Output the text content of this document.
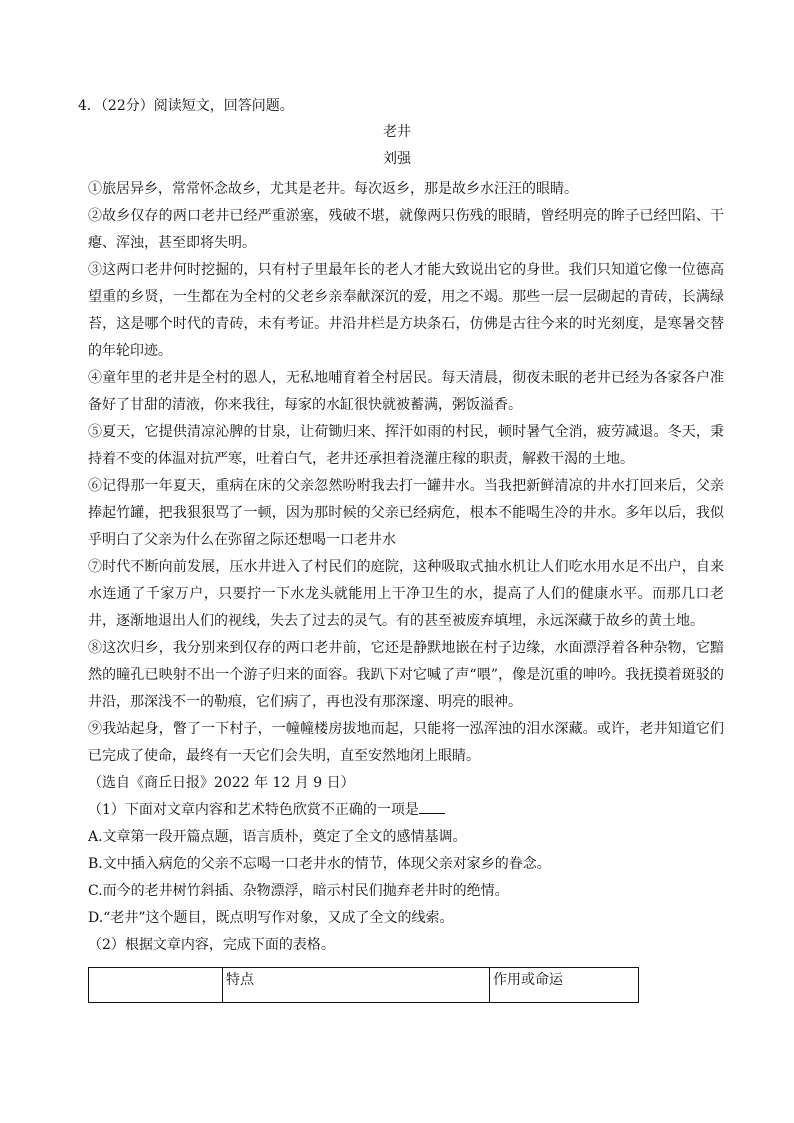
4．（22分）阅读短文，回答问题。
老井
刘强

①旅居异乡，常常怀念故乡，尤其是老井。每次返乡，那是故乡水汪汪的眼睛。

②故乡仅存的两口老井已经严重淤塞，残破不堪，就像两只伤残的眼睛，曾经明亮的眸子已经凹陷、干瘪、浑浊，甚至即将失明。

③这两口老井何时挖掘的，只有村子里最年长的老人才能大致说出它的身世。我们只知道它像一位德高望重的乡贤，一生都在为全村的父老乡亲奉献深沉的爱，用之不竭。那些一层一层砌起的青砖，长满绿苔，这是哪个时代的青砖，未有考证。井沿井栏是方块条石，仿佛是古往今来的时光刻度，是寒暑交替的年轮印迹。

④童年里的老井是全村的恩人，无私地哺育着全村居民。每天清晨，彻夜未眠的老井已经为各家各户准备好了甘甜的清液，你来我往，每家的水缸很快就被蓄满，粥饭溢香。

⑤夏天，它提供清凉沁脾的甘泉，让荷锄归来、挥汗如雨的村民，顿时暑气全消，疲劳减退。冬天，秉持着不变的体温对抗严寒，吐着白气，老井还承担着浇灌庄稼的职责，解救干渴的土地。

⑥记得那一年夏天，重病在床的父亲忽然吩咐我去打一罐井水。当我把新鲜清凉的井水打回来后，父亲捧起竹罐，把我狠狠骂了一顿，因为那时候的父亲已经病危，根本不能喝生冷的井水。多年以后，我似乎明白了父亲为什么在弥留之际还想喝一口老井水

⑦时代不断向前发展，压水井进入了村民们的庭院，这种吸取式抽水机让人们吃水用水足不出户，自来水连通了千家万户，只要拧一下水龙头就能用上干净卫生的水，提高了人们的健康水平。而那几口老井，逐渐地退出人们的视线，失去了过去的灵气。有的甚至被废弃填埋，永远深藏于故乡的黄土地。

⑧这次归乡，我分别来到仅存的两口老井前，它还是静默地嵌在村子边缘，水面漂浮着各种杂物，它黯然的瞳孔已映射不出一个游子归来的面容。我趴下对它喊了声“喂”，像是沉重的呻吟。我抚摸着斑驳的井沿，那深浅不一的勒痕，它们病了，再也没有那深邃、明亮的眼神。

⑨我站起身，瞥了一下村子，一幢幢楼房拔地而起，只能将一泓浑浊的泪水深藏。或许，老井知道它们已完成了使命，最终有一天它们会失明，直至安然地闭上眼睛。

（选自《商丘日报》2022 年 12 月 9 日）

（1）下面对文章内容和艺术特色欣赏不正确的一项是

A.文章第一段开篇点题，语言质朴，奠定了全文的感情基调。

B.文中插入病危的父亲不忘喝一口老井水的情节，体现父亲对家乡的眷念。

C.而今的老井树竹斜插、杂物漂浮，暗示村民们抛弃老井时的绝情。

D.“老井”这个题目，既点明写作对象，又成了全文的线索。

（2）根据文章内容，完成下面的表格。

	特点	作用或命运
